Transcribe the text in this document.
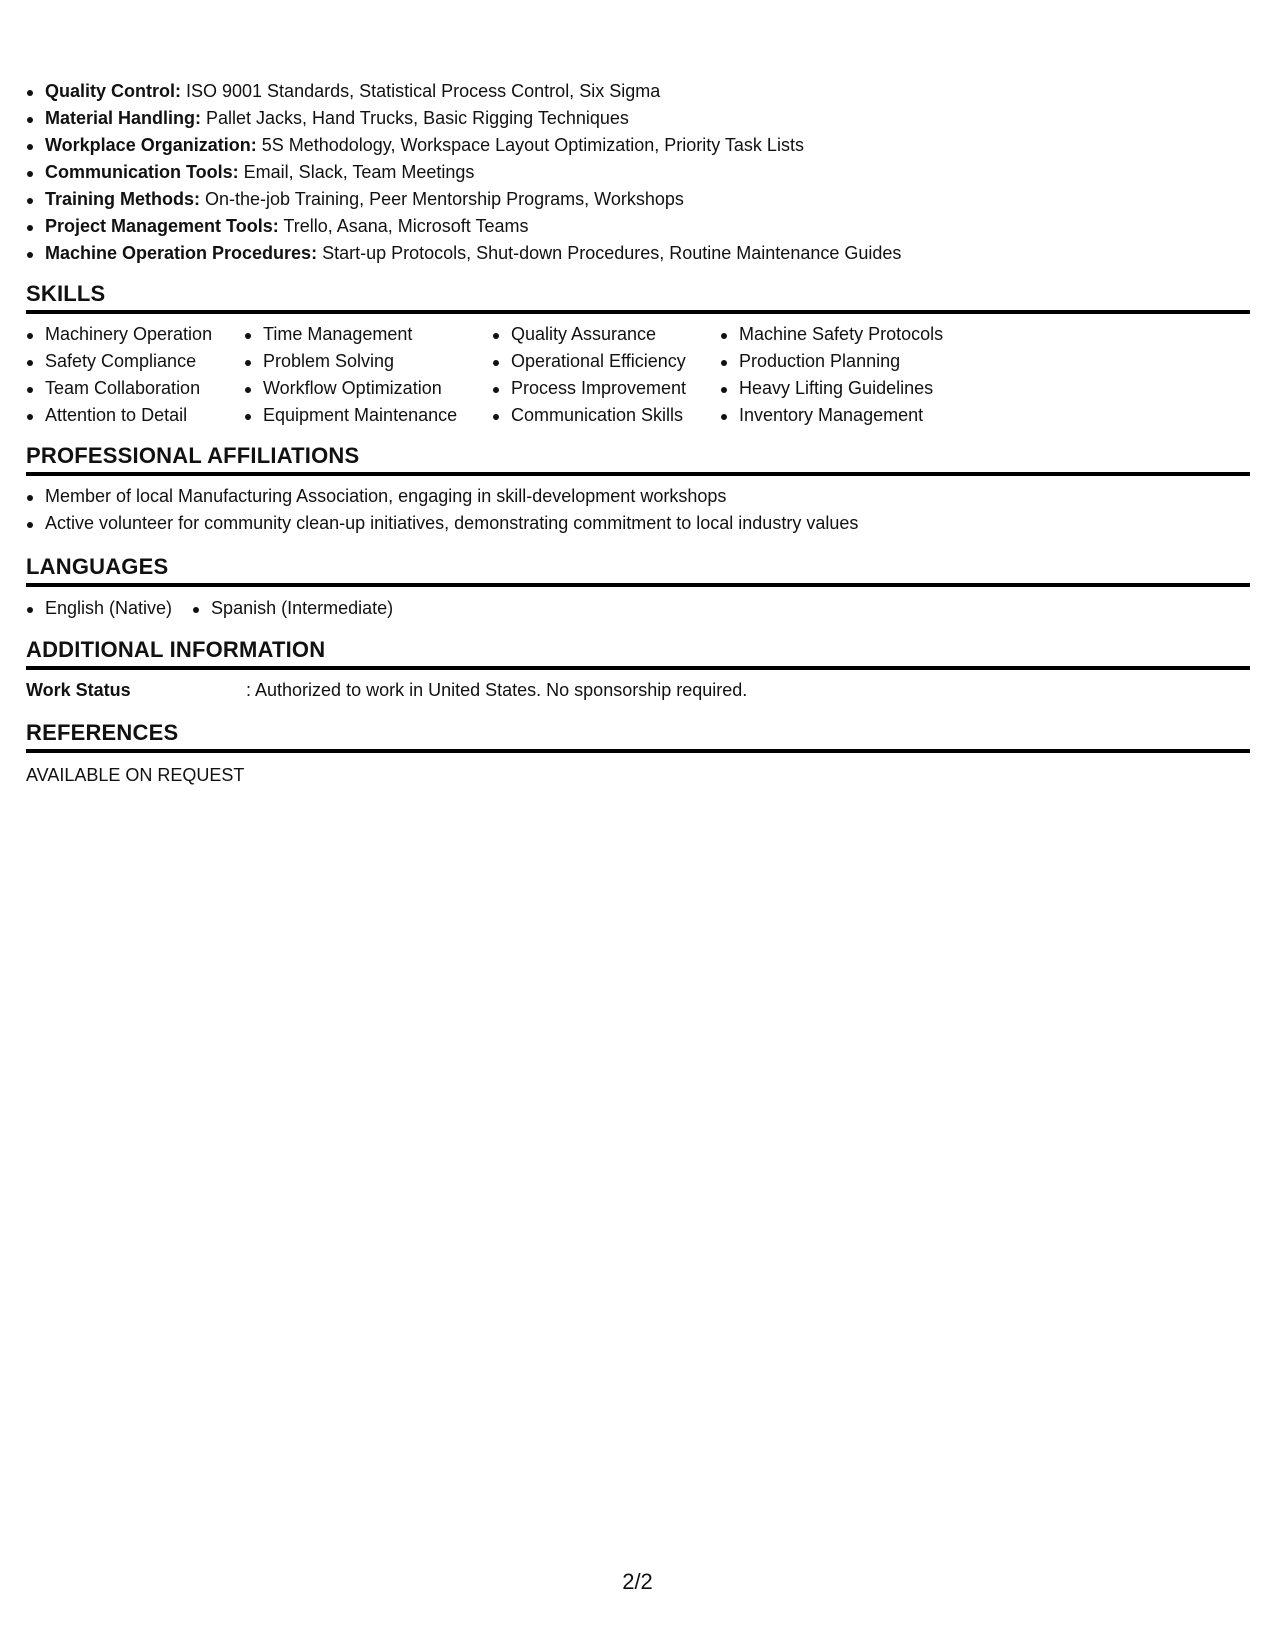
Quality Control: ISO 9001 Standards, Statistical Process Control, Six Sigma
Material Handling: Pallet Jacks, Hand Trucks, Basic Rigging Techniques
Workplace Organization: 5S Methodology, Workspace Layout Optimization, Priority Task Lists
Communication Tools: Email, Slack, Team Meetings
Training Methods: On-the-job Training, Peer Mentorship Programs, Workshops
Project Management Tools: Trello, Asana, Microsoft Teams
Machine Operation Procedures: Start-up Protocols, Shut-down Procedures, Routine Maintenance Guides
SKILLS
Machinery Operation
Safety Compliance
Team Collaboration
Attention to Detail
Time Management
Problem Solving
Workflow Optimization
Equipment Maintenance
Quality Assurance
Operational Efficiency
Process Improvement
Communication Skills
Machine Safety Protocols
Production Planning
Heavy Lifting Guidelines
Inventory Management
PROFESSIONAL AFFILIATIONS
Member of local Manufacturing Association, engaging in skill-development workshops
Active volunteer for community clean-up initiatives, demonstrating commitment to local industry values
LANGUAGES
English (Native)	Spanish (Intermediate)
ADDITIONAL INFORMATION
Work Status	: Authorized to work in United States. No sponsorship required.
REFERENCES
AVAILABLE ON REQUEST
2/2
